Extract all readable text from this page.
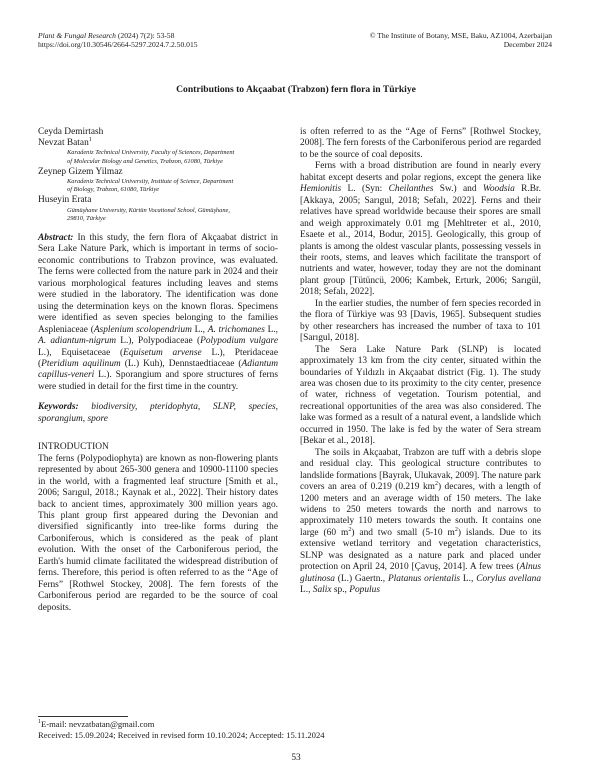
Plant & Fungal Research (2024) 7(2): 53-58
https://doi.org/10.30546/2664-5297.2024.7.2.50.015
© The Institute of Botany, MSE, Baku, AZ1004, Azerbaijan
December 2024
Contributions to Akçaabat (Trabzon) fern flora in Türkiye

Ceyda Demirtash

Nevzat Batan$^1$

Karadeniz Technical University, Faculty of Sciences, Department
of Molecular Biology and Genetics, Trabzon, 61080, Türkiye

Zeynep Gizem Yilmaz

Karadeniz Technical University, Institute of Science, Department
of Biology, Trabzon, 61080, Türkiye

Huseyin Erata

Gümüşhane University, Kürtün Vocational School, Gümüşhane,
29810, Türkiye

Abstract: In this study, the fern flora of Akçaabat district in Sera Lake Nature Park, which is important in terms of socio-economic contributions to Trabzon province, was evaluated. The ferns were collected from the nature park in 2024 and their various morphological features including leaves and stems were studied in the laboratory. The identification was done using the determination keys on the known floras. Specimens were identified as seven species belonging to the families Aspleniaceae (Asplenium scolopendrium L., A. trichomanes L., A. adiantum-nigrum L.), Polypodiaceae (Polypodium vulgare L.), Equisetaceae (Equisetum arvense L.), Pteridaceae (Pteridium aquilinum (L.) Kuh), Dennstaedtiaceae (Adiantum capillus-veneri L.). Sporangium and spore structures of ferns were studied in detail for the first time in the country.

Keywords: biodiversity, pteridophyta, SLNP, species, sporangium, spore

INTRODUCTION

The ferns (Polypodiophyta) are known as non-flowering plants represented by about 265-300 genera and 10900-11100 species in the world, with a fragmented leaf structure [Smith et al., 2006; Sarıgul, 2018.; Kaynak et al., 2022]. Their history dates back to ancient times, approximately 300 million years ago. This plant group first appeared during the Devonian and diversified significantly into tree-like forms during the Carboniferous, which is considered as the peak of plant evolution. With the onset of the Carboniferous period, the Earth's humid climate facilitated the widespread distribution of ferns. Therefore, this period is often referred to as the “Age of Ferns” [Rothwel Stockey, 2008]. The fern forests of the Carboniferous period are regarded to be the source of coal deposits.

is often referred to as the “Age of Ferns” [Rothwel Stockey, 2008]. The fern forests of the Carboniferous period are regarded to be the source of coal deposits.

Ferns with a broad distribution are found in nearly every habitat except deserts and polar regions, except the genera like Hemionitis L. (Syn: Cheilanthes Sw.) and Woodsia R.Br. [Akkaya, 2005; Sarıgul, 2018; Sefalı, 2022]. Ferns and their relatives have spread worldwide because their spores are small and weigh approximately 0.01 mg [Mehltreter et al., 2010, Esaete et al., 2014, Bodur, 2015]. Geologically, this group of plants is among the oldest vascular plants, possessing vessels in their roots, stems, and leaves which facilitate the transport of nutrients and water, however, today they are not the dominant plant group [Tütüncü, 2006; Kambek, Erturk, 2006; Sarıgül, 2018; Sefalı, 2022].

In the earlier studies, the number of fern species recorded in the flora of Türkiye was 93 [Davis, 1965]. Subsequent studies by other researchers has increased the number of taxa to 101 [Sarıgul, 2018].

The Sera Lake Nature Park (SLNP) is located approximately 13 km from the city center, situated within the boundaries of Yıldızlı in Akçaabat district (Fig. 1). The study area was chosen due to its proximity to the city center, presence of water, richness of vegetation. Tourism potential, and recreational opportunities of the area was also considered. The lake was formed as a result of a natural event, a landslide which occurred in 1950. The lake is fed by the water of Sera stream [Bekar et al., 2018].

The soils in Akçaabat, Trabzon are tuff with a debris slope and residual clay. This geological structure contributes to landslide formations [Bayrak, Ulukavak, 2009]. The nature park covers an area of 0.219 (0.219 $km^2$) decares, with a length of 1200 meters and an average width of 150 meters. The lake widens to 250 meters towards the north and narrows to approximately 110 meters towards the south. It contains one large (60 $m^2$) and two small (5-10 $m^2$) islands. Due to its extensive wetland territory and vegetation characteristics, SLNP was designated as a nature park and placed under protection on April 24, 2010 [Çavuş, 2014]. A few trees (Alnus glutinosa (L.) Gaertn., Platanus orientalis L., Corylus avellana L., Salix sp., Populus

$^1$E-mail: nevzatbatan@gmail.com
Received: 15.09.2024; Received in revised form 10.10.2024; Accepted: 15.11.2024
53
